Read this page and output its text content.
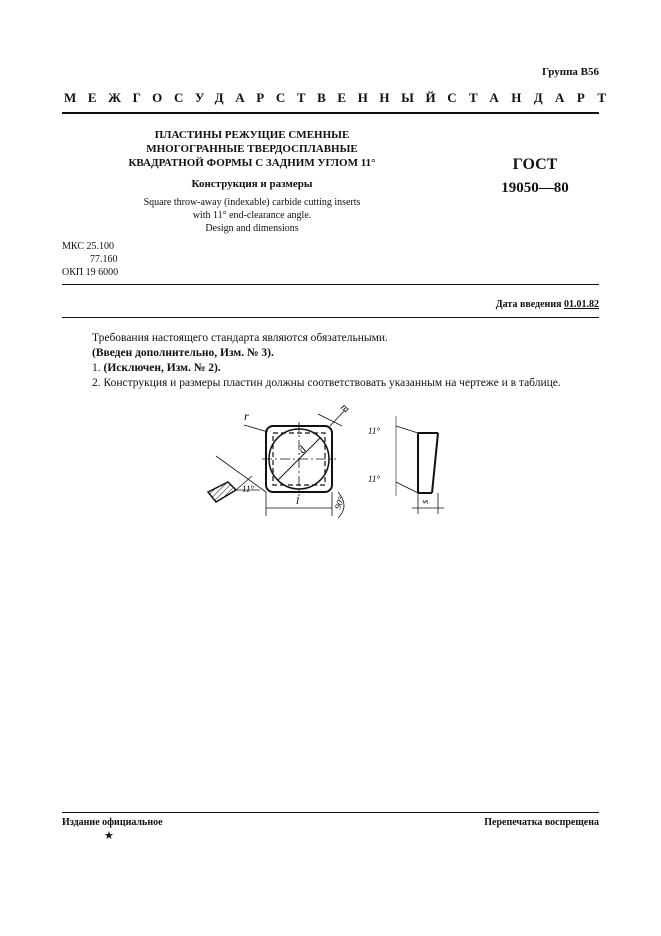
Группа В56
МЕЖГОСУДАРСТВЕННЫЙ СТАНДАРТ
ПЛАСТИНЫ РЕЖУЩИЕ СМЕННЫЕ
МНОГОГРАННЫЕ ТВЕРДОСПЛАВНЫЕ
КВАДРАТНОЙ ФОРМЫ С ЗАДНИМ УГЛОМ 11°
Конструкция и размеры
Square throw-away (indexable) carbide cutting inserts
with 11° end-clearance angle.
Design and dimensions
ГОСТ
19050—80
МКС 25.100
77.160
ОКП 19 6000
Дата введения 01.01.82

Требования настоящего стандарта являются обязательными.

(Введен дополнительно, Изм. № 3).

1. (Исключен, Изм. № 2).

2. Конструкция и размеры пластин должны соответствовать указанным на чертеже и в таблице.

r
m
d
l	s
11°
11°
11°
90°
Издание официальное	Перепечатка воспрещена
★
